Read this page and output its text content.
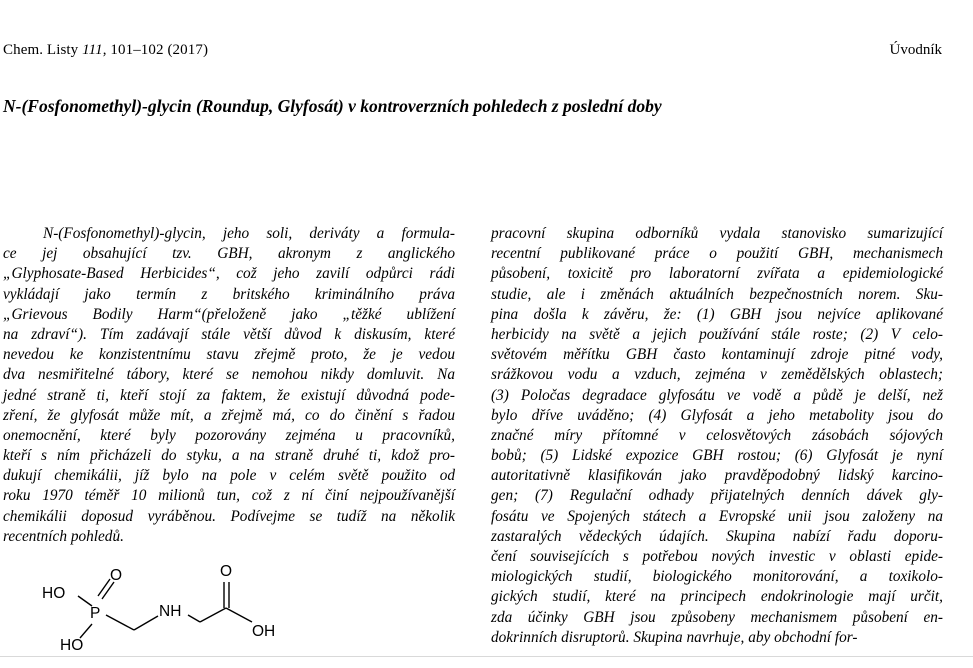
Chem. Listy 111, 101–102 (2017)	Úvodník
N-(Fosfonomethyl)-glycin (Roundup, Glyfosát) v kontroverzních pohledech z poslední doby
N-(Fosfonomethyl)-glycin, jeho soli, deriváty a formula-
ce jej obsahující tzv. GBH, akronym z anglického
„Glyphosate-Based Herbicides“, což jeho zavilí odpůrci rádi
vykládají jako termín z britského kriminálního práva
„Grievous Bodily Harm“(přeloženě jako „těžké ublížení
na zdraví“). Tím zadávají stále větší důvod k diskusím, které
nevedou ke konzistentnímu stavu zřejmě proto, že je vedou
dva nesmiřitelné tábory, které se nemohou nikdy domluvit. Na
jedné straně ti, kteří stojí za faktem, že existují důvodná pode-
zření, že glyfosát může mít, a zřejmě má, co do činění s řadou
onemocnění, které byly pozorovány zejména u pracovníků,
kteří s ním přicházeli do styku, a na straně druhé ti, kdož pro-
dukují chemikálii, jíž bylo na pole v celém světě použito od
roku 1970 téměř 10 milionů tun, což z ní činí nejpoužívanější
chemikálii doposud vyráběnou. Podívejme se tudíž na několik
recentních pohledů.
pracovní skupina odborníků vydala stanovisko sumarizující
recentní publikované práce o použití GBH, mechanismech
působení, toxicitě pro laboratorní zvířata a epidemiologické
studie, ale i změnách aktuálních bezpečnostních norem. Sku-
pina došla k závěru, že: (1) GBH jsou nejvíce aplikované
herbicidy na světě a jejich používání stále roste; (2) V celo-
světovém měřítku GBH často kontaminují zdroje pitné vody,
srážkovou vodu a vzduch, zejména v zemědělských oblastech;
(3) Poločas degradace glyfosátu ve vodě a půdě je delší, než
bylo dříve uváděno; (4) Glyfosát a jeho metabolity jsou do
značné míry přítomné v celosvětových zásobách sójových
bobů; (5) Lidské expozice GBH rostou; (6) Glyfosát je nyní
autoritativně klasifikován jako pravděpodobný lidský karcino-
gen; (7) Regulační odhady přijatelných denních dávek gly-
fosátu ve Spojených státech a Evropské unii jsou založeny na
zastaralých vědeckých údajích. Skupina nabízí řadu doporu-
čení souvisejících s potřebou nových investic v oblasti epide-
miologických studií, biologického monitorování, a toxikolo-
gických studií, které na principech endokrinologie mají určit,
zda účinky GBH jsou způsobeny mechanismem působení en-
dokrinních disruptorů. Skupina navrhuje, aby obchodní for-
HO
P
O
NH
O
OH
HO
